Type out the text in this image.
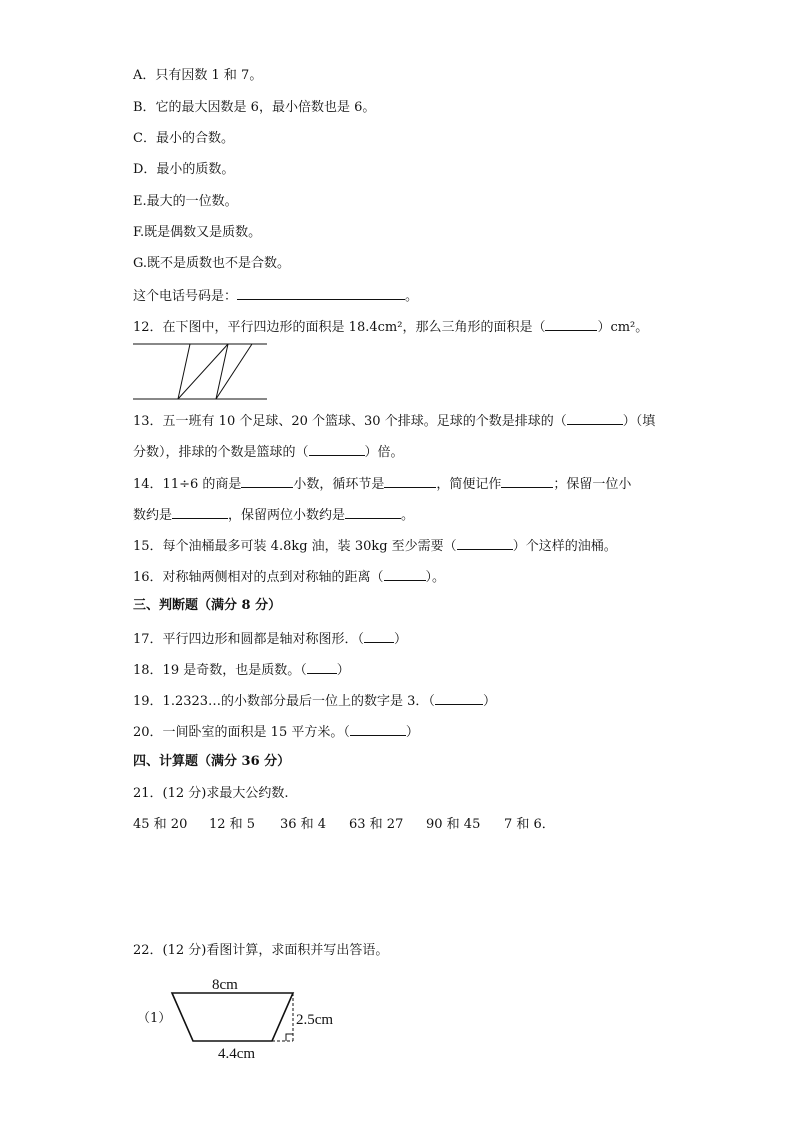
A．只有因数 1 和 7。
B．它的最大因数是 6，最小倍数也是 6。
C．最小的合数。
D．最小的质数。
E.最大的一位数。
F.既是偶数又是质数。
G.既不是质数也不是合数。
这个电话号码是：	。
12．在下图中，平行四边形的面积是 18.4cm²，那么三角形的面积是（	）cm²。
13．五一班有 10 个足球、20 个篮球、30 个排球。足球的个数是排球的（	）（填
分数），排球的个数是篮球的（	）倍。
14．11÷6 的商是	小数，循环节是	，简便记作	；保留一位小
数约是	，保留两位小数约是	。
15．每个油桶最多可装 4.8kg 油，装 30kg 至少需要（	）个这样的油桶。
16．对称轴两侧相对的点到对称轴的距离（	）。
三、判断题（满分 8 分）
17．平行四边形和圆都是轴对称图形．（ ）
18．19 是奇数，也是质数。（ ）
19．1.2323…的小数部分最后一位上的数字是 3．（	）
20．一间卧室的面积是 15 平方米。（	）
四、计算题（满分 36 分）
21．(12 分)求最大公约数.
45 和 20 12 和 5 36 和 4 63 和 27 90 和 45 7 和 6．
22．(12 分)看图计算，求面积并写出答语。
（1）
8cm
2.5cm
4.4cm
